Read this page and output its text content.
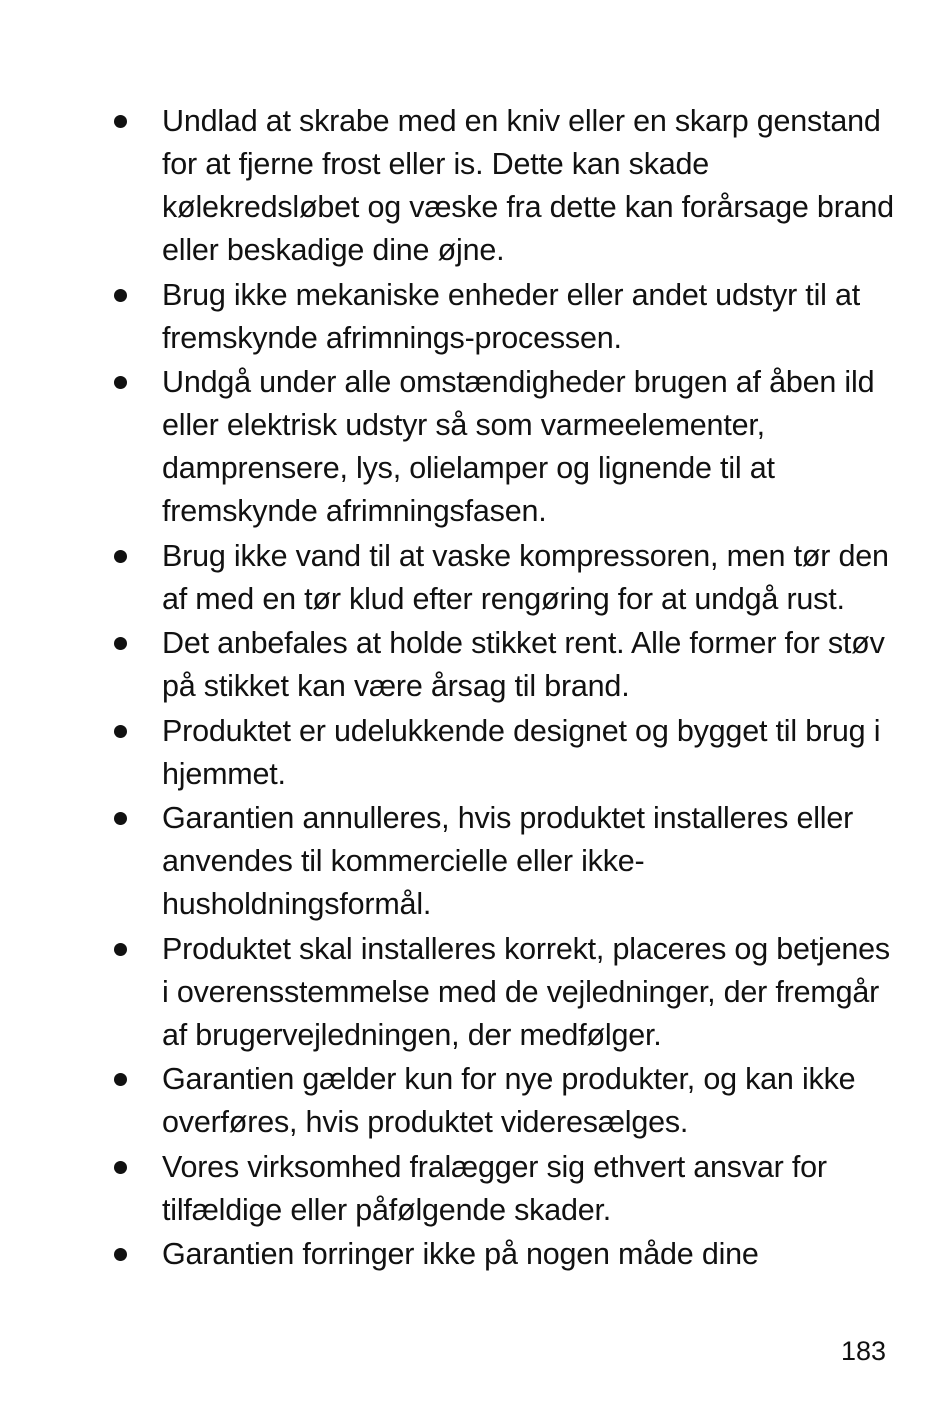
Undlad at skrabe med en kniv eller en skarp genstand for at fjerne frost eller is. Dette kan skade kølekredsløbet og væske fra dette kan forårsage brand eller beskadige dine øjne.
Brug ikke mekaniske enheder eller andet udstyr til at fremskynde afrimnings-processen.
Undgå under alle omstændigheder brugen af åben ild eller elektrisk udstyr så som varmeelementer, damprensere, lys, olielamper og lignende til at fremskynde afrimningsfasen.
Brug ikke vand til at vaske kompressoren, men tør den af med en tør klud efter rengøring for at undgå rust.
Det anbefales at holde stikket rent. Alle former for støv på stikket kan være årsag til brand.
Produktet er udelukkende designet og bygget til brug i hjemmet.
Garantien annulleres, hvis produktet installeres eller anvendes til kommercielle eller ikke-husholdningsformål.
Produktet skal installeres korrekt, placeres og betjenes i overensstemmelse med de vejledninger, der fremgår af brugervejledningen, der medfølger.
Garantien gælder kun for nye produkter, og kan ikke overføres, hvis produktet videresælges.
Vores virksomhed fralægger sig ethvert ansvar for tilfældige eller påfølgende skader.
Garantien forringer ikke på nogen måde dine
183
